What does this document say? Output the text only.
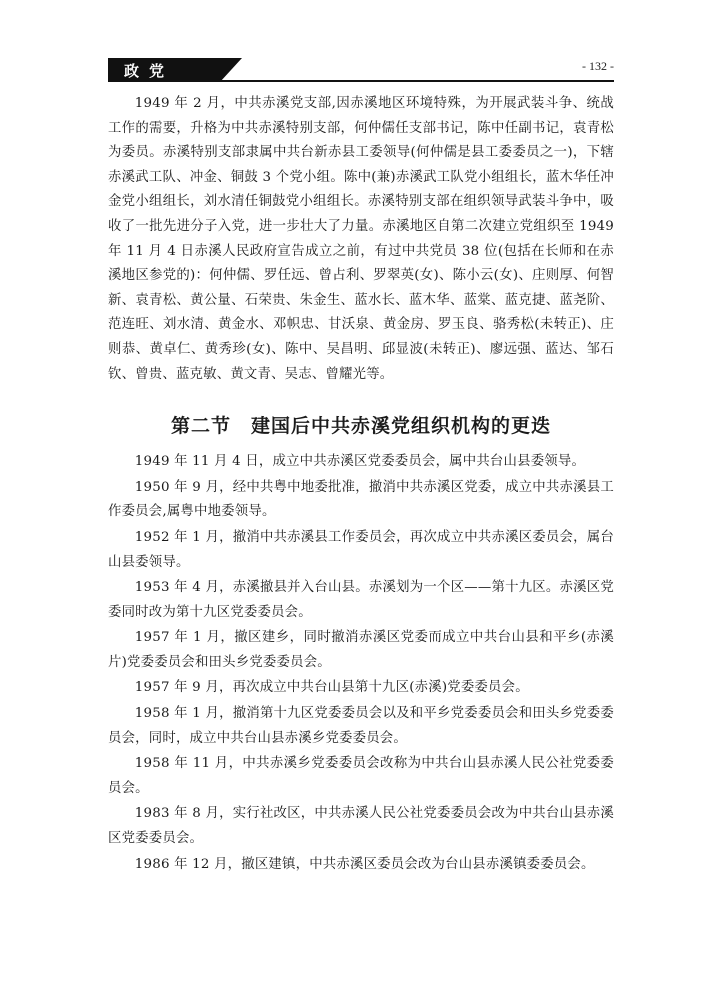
政党	- 132 -

1949 年 2 月，中共赤溪党支部,因赤溪地区环境特殊，为开展武装斗争、统战工作的需要，升格为中共赤溪特别支部，何仲儒任支部书记，陈中任副书记，袁青松为委员。赤溪特别支部隶属中共台新赤县工委领导(何仲儒是县工委委员之一)，下辖赤溪武工队、冲金、铜鼓 3 个党小组。陈中(兼)赤溪武工队党小组组长，蓝木华任冲金党小组组长，刘水清任铜鼓党小组组长。赤溪特别支部在组织领导武装斗争中，吸收了一批先进分子入党，进一步壮大了力量。赤溪地区自第二次建立党组织至 1949 年 11 月 4 日赤溪人民政府宣告成立之前，有过中共党员 38 位(包括在长师和在赤溪地区参党的)：何仲儒、罗任远、曾占利、罗翠英(女)、陈小云(女)、庄则厚、何智新、袁青松、黄公量、石荣贵、朱金生、蓝水长、蓝木华、蓝棠、蓝克捷、蓝尧阶、范连旺、刘水清、黄金水、邓帜忠、甘沃泉、黄金房、罗玉良、骆秀松(未转正)、庄则恭、黄卓仁、黄秀珍(女)、陈中、吴昌明、邱显波(未转正)、廖远强、蓝达、邹石钦、曾贵、蓝克敏、黄文青、吴志、曾耀光等。

第二节 建国后中共赤溪党组织机构的更迭

1949 年 11 月 4 日，成立中共赤溪区党委委员会，属中共台山县委领导。

1950 年 9 月，经中共粤中地委批准，撤消中共赤溪区党委，成立中共赤溪县工作委员会,属粤中地委领导。

1952 年 1 月，撤消中共赤溪县工作委员会，再次成立中共赤溪区委员会，属台山县委领导。

1953 年 4 月，赤溪撤县并入台山县。赤溪划为一个区——第十九区。赤溪区党委同时改为第十九区党委委员会。

1957 年 1 月，撤区建乡，同时撤消赤溪区党委而成立中共台山县和平乡(赤溪片)党委委员会和田头乡党委委员会。

1957 年 9 月，再次成立中共台山县第十九区(赤溪)党委委员会。

1958 年 1 月，撤消第十九区党委委员会以及和平乡党委委员会和田头乡党委委员会，同时，成立中共台山县赤溪乡党委委员会。

1958 年 11 月，中共赤溪乡党委委员会改称为中共台山县赤溪人民公社党委委员会。

1983 年 8 月，实行社改区，中共赤溪人民公社党委委员会改为中共台山县赤溪区党委委员会。

1986 年 12 月，撤区建镇，中共赤溪区委员会改为台山县赤溪镇委委员会。
